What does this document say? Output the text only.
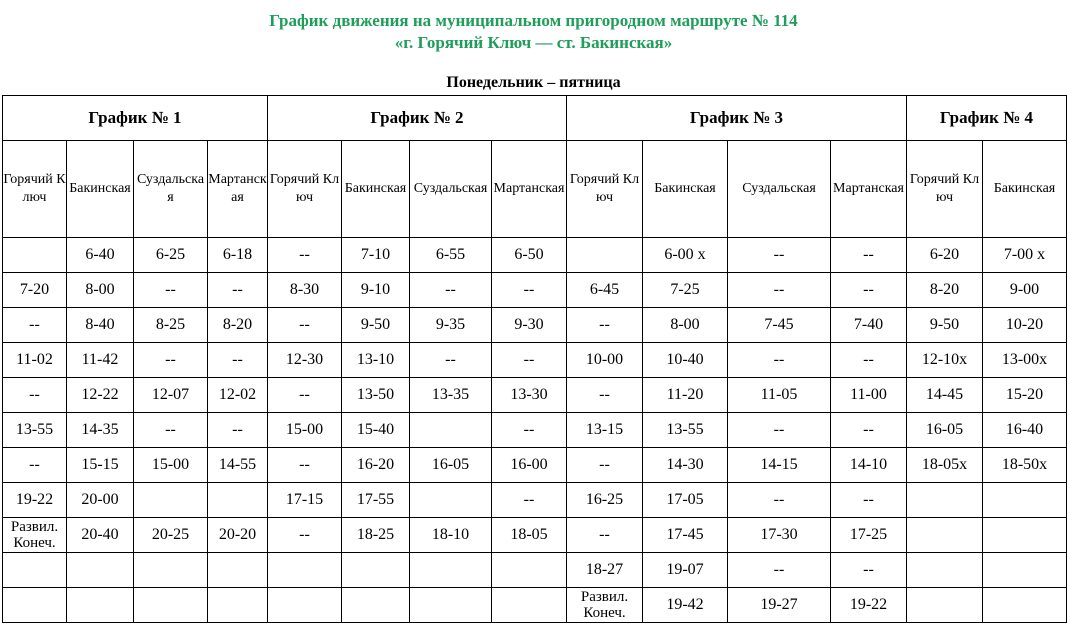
График движения на муниципальном пригородном маршруте № 114
«г. Горячий Ключ — ст. Бакинская»
Понедельник – пятница
График № 1				График № 2				График № 3				График № 4	
Горячий Ключ	Бакинская	Суздальская	Мартанская	Горячий Ключ	Бакинская	Суздальская	Мартанская	Горячий Ключ	Бакинская	Суздальская	Мартанская	Горячий Ключ	Бакинская
	6-40	6-25	6-18	--	7-10	6-55	6-50		6-00 х	--	--	6-20	7-00 х
7-20	8-00	--	--	8-30	9-10	--	--	6-45	7-25	--	--	8-20	9-00
--	8-40	8-25	8-20	--	9-50	9-35	9-30	--	8-00	7-45	7-40	9-50	10-20
11-02	11-42	--	--	12-30	13-10	--	--	10-00	10-40	--	--	12-10х	13-00х
--	12-22	12-07	12-02	--	13-50	13-35	13-30	--	11-20	11-05	11-00	14-45	15-20
13-55	14-35	--	--	15-00	15-40		--	13-15	13-55	--	--	16-05	16-40
--	15-15	15-00	14-55	--	16-20	16-05	16-00	--	14-30	14-15	14-10	18-05х	18-50х
19-22	20-00			17-15	17-55		--	16-25	17-05	--	--		
Развил. Конеч.	20-40	20-25	20-20	--	18-25	18-10	18-05	--	17-45	17-30	17-25		
								18-27	19-07	--	--		
								Развил. Конеч.	19-42	19-27	19-22		
